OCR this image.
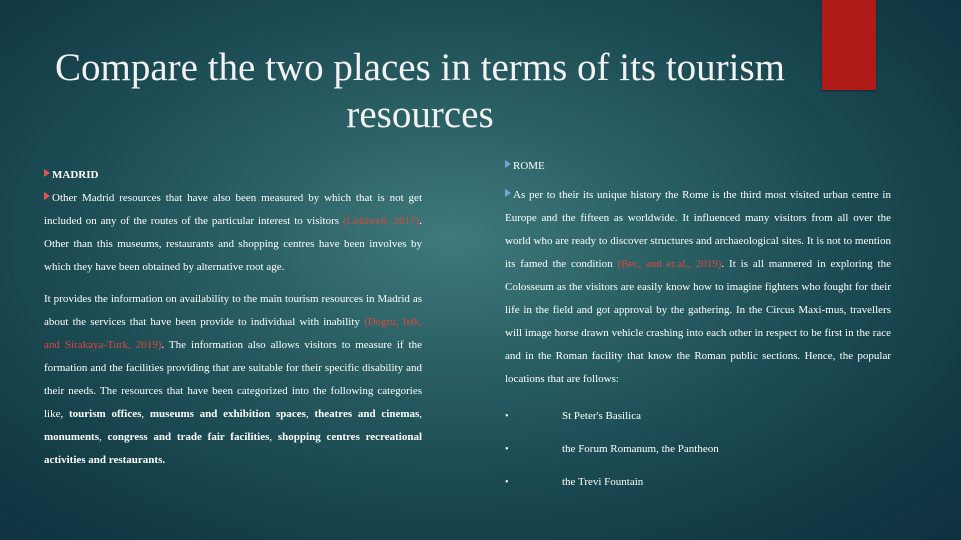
Compare the two places in terms of its tourism resources

MADRID

Other Madrid resources that have also been measured by which that is not get included on any of the routes of the particular interest to visitors (Coldwell, 2017). Other than this museums, restaurants and shopping centres have been involves by which they have been obtained by alternative root age.

It provides the information on availability to the main tourism resources in Madrid as about the services that have been provide to individual with inability (Dogru, Isik, and Sirakaya-Turk, 2019). The information also allows visitors to measure if the formation and the facilities providing that are suitable for their specific disability and their needs. The resources that have been categorized into the following categories like, tourism offices, museums and exhibition spaces, theatres and cinemas, monuments, congress and trade fair facilities, shopping centres recreational activities and restaurants.

ROME

As per to their its unique history the Rome is the third most visited urban centre in Europe and the fifteen as worldwide. It influenced many visitors from all over the world who are ready to discover structures and archaeological sites. It is not to mention its famed the condition (Bec, and et.al., 2019). It is all mannered in exploring the Colosseum as the visitors are easily know how to imagine fighters who fought for their life in the field and got approval by the gathering. In the Circus Maxi-mus, travellers will image horse drawn vehicle crashing into each other in respect to be first in the race and in the Roman facility that know the Roman public sections. Hence, the popular locations that are follows:

•	St Peter's Basilica
•	the Forum Romanum, the Pantheon
•	the Trevi Fountain
